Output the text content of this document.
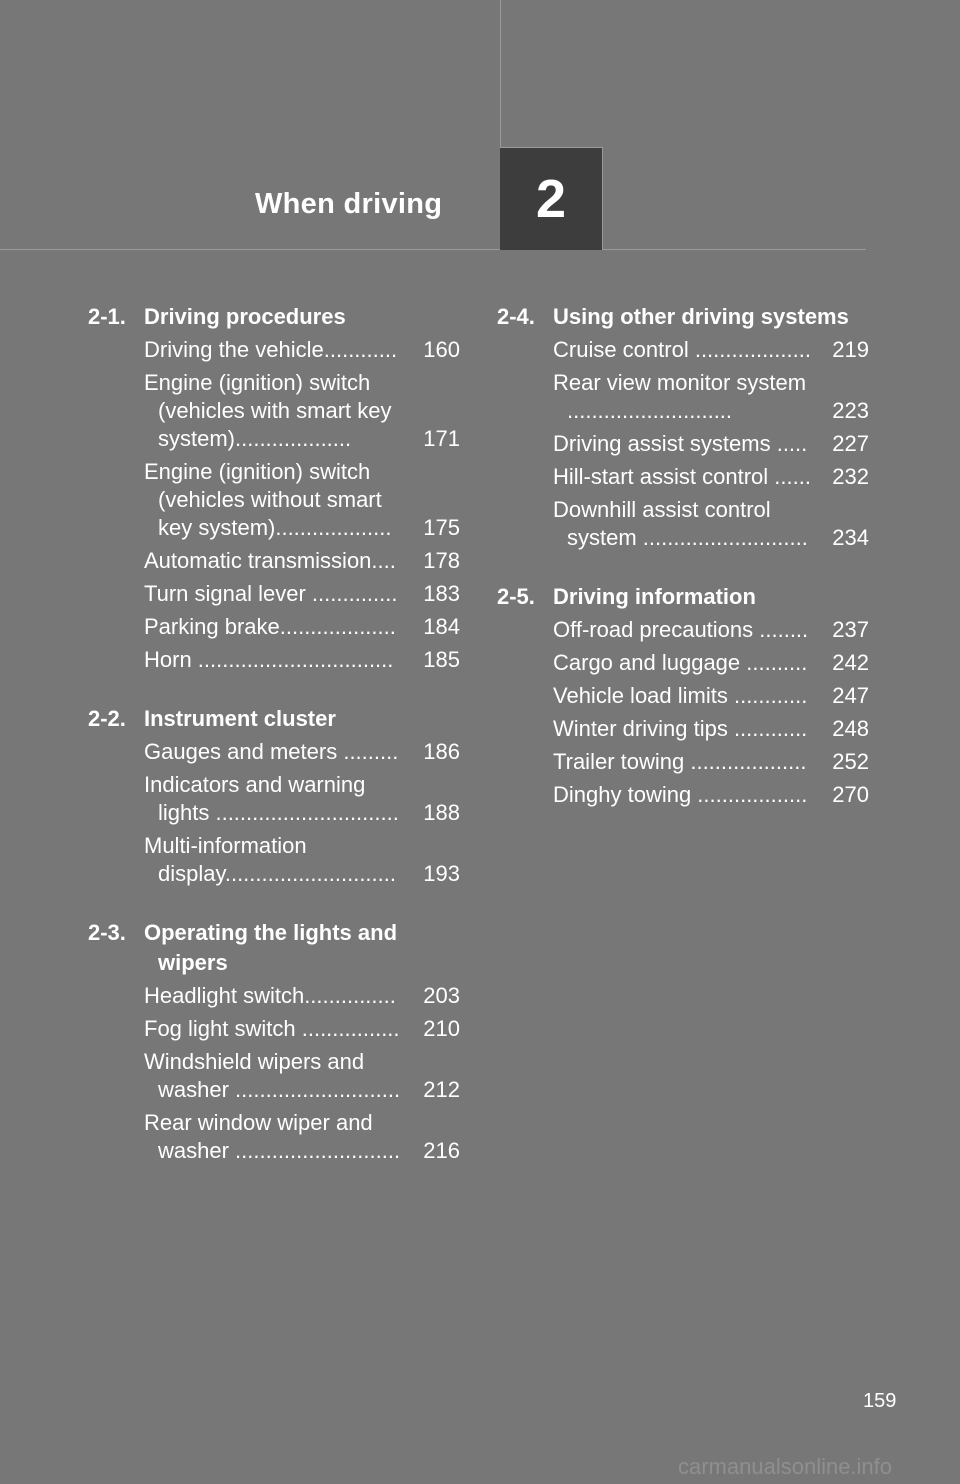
When driving 2
2-1. Driving procedures
Driving the vehicle............	160
Engine (ignition) switch (vehicles with smart key system)...................	171
Engine (ignition) switch (vehicles without smart key system)...................	175
Automatic transmission....	178
Turn signal lever ..............	183
Parking brake...................	184
Horn ................................	185
2-2. Instrument cluster
Gauges and meters .........	186
Indicators and warning lights ..............................	188
Multi-information display............................	193
2-3. Operating the lights and wipers
Headlight switch...............	203
Fog light switch ................	210
Windshield wipers and washer ...........................	212
Rear window wiper and washer ...........................	216
2-4. Using other driving systems
Cruise control ................... 219
Rear view monitor system ...........................	223
Driving assist systems .....	227
Hill-start assist control ...... 232
Downhill assist control system ...........................	234
2-5. Driving information
Off-road precautions ........	237
Cargo and luggage ..........	242
Vehicle load limits ............	247
Winter driving tips ............	248
Trailer towing ...................	252
Dinghy towing ..................	270
159
carmanualsonline.info
